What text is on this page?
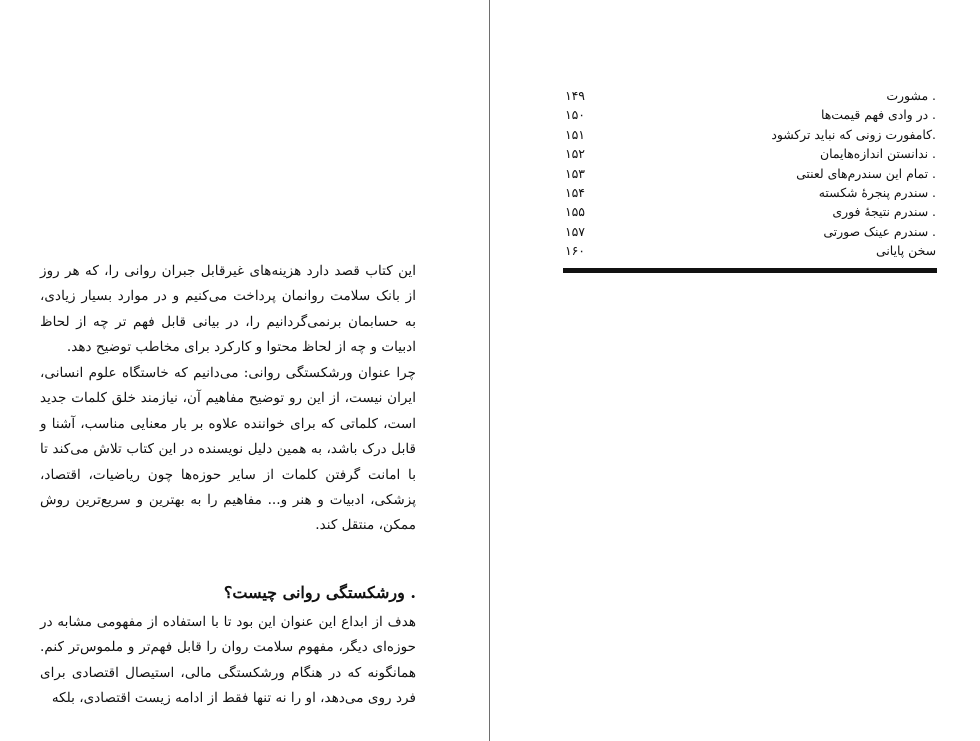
این کتاب قصد دارد هزینه‌های غیرقابل جبران روانی را، که هر روز از بانک سلامت روانمان پرداخت می‌کنیم و در موارد بسیار زیادی، به حسابمان برنمی‌گردانیم را، در بیانی قابل فهم تر چه از لحاظ ادبیات و چه از لحاظ محتوا و کارکرد برای مخاطب توضیح دهد.

چرا عنوان ورشکستگی روانی: می‌دانیم که خاستگاه علوم انسانی، ایران نیست، از این رو توضیح مفاهیم آن، نیازمند خلق کلمات جدید است، کلماتی که برای خواننده علاوه بر بار معنایی مناسب، آشنا و قابل درک باشد، به همین دلیل نویسنده در این کتاب تلاش می‌کند تا با امانت گرفتن کلمات از سایر حوزه‌ها چون ریاضیات، اقتصاد، پزشکی، ادبیات و هنر و... مفاهیم را به بهترین و سریع‌ترین روش ممکن، منتقل کند.

. ورشکستگی روانی چیست؟

هدف از ابداع این عنوان این بود تا با استفاده از مفهومی مشابه در حوزه‌ای دیگر، مفهوم سلامت روان را قابل فهم‌تر و ملموس‌تر کنم. همانگونه که در هنگام ورشکستگی مالی، استیصال اقتصادی برای فرد روی می‌دهد، او را نه تنها فقط از ادامه زیست اقتصادی، بلکه

۱۴۹	. مشورت
۱۵۰	. در وادی فهم قیمت‌ها
۱۵۱	.کامفورت زونی که نباید ترکشود
۱۵۲	. ندانستن اندازه‌هایمان
۱۵۳	. تمام این سندرم‌های لعنتی
۱۵۴	. سندرم پنجرهٔ شکسته
۱۵۵	. سندرم نتیجهٔ فوری
۱۵۷	. سندرم عینک صورتی
۱۶۰	سخن پایانی
